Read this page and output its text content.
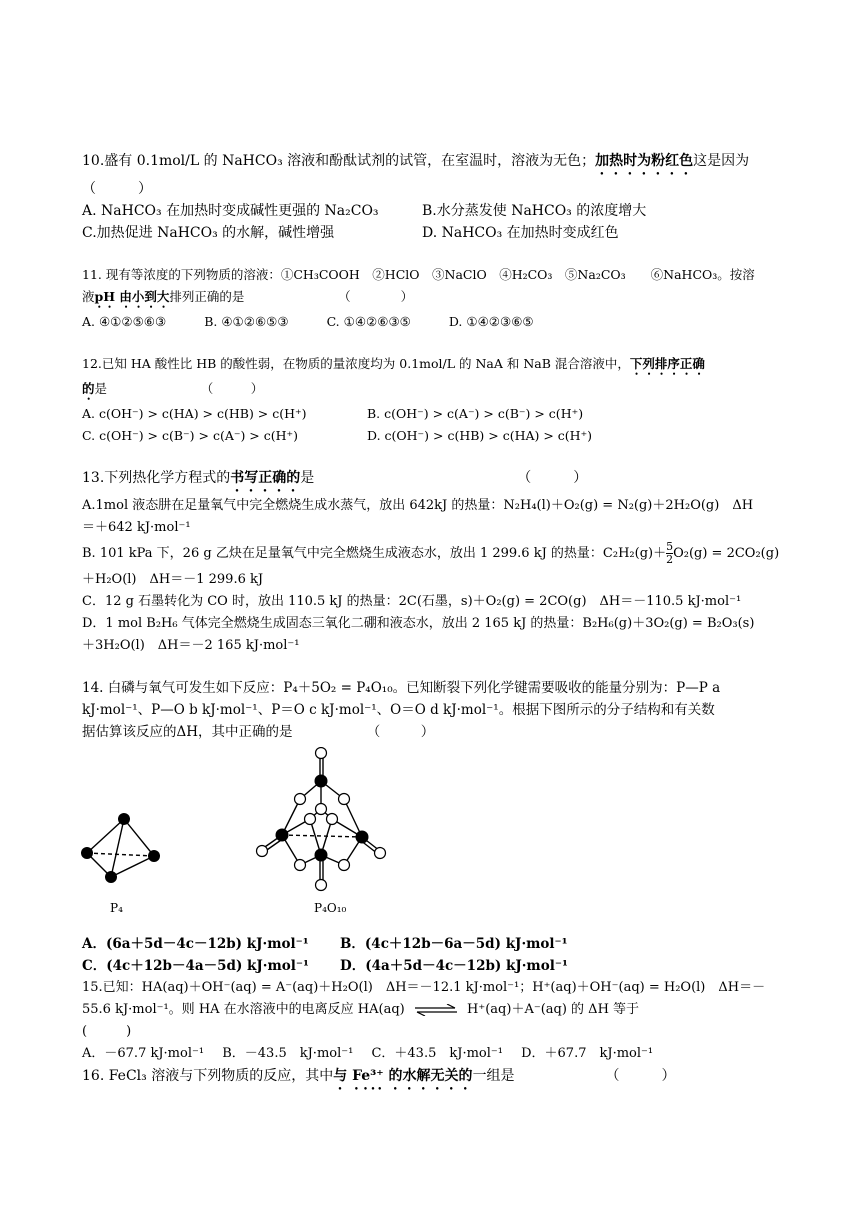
10.盛有 0.1mol/L 的 NaHCO₃ 溶液和酚酞试剂的试管，在室温时，溶液为无色；加热时为粉红色这是因为
（　　　）
A. NaHCO₃ 在加热时变成碱性更强的 Na₂CO₃	B.水分蒸发使 NaHCO₃ 的浓度增大
C.加热促进 NaHCO₃ 的水解，碱性增强	D. NaHCO₃ 在加热时变成红色
11. 现有等浓度的下列物质的溶液：①CH₃COOH　②HClO　③NaClO　④H₂CO₃　⑤Na₂CO₃　　⑥NaHCO₃。按溶
液pH 由小到大排列正确的是　　　　　　　　（　　　　）
A. ④①②⑤⑥③	B. ④①②⑥⑤③	C. ①④②⑥③⑤	D. ①④②③⑥⑤
12.已知 HA 酸性比 HB 的酸性弱，在物质的量浓度均为 0.1mol/L 的 NaA 和 NaB 混合溶液中，下列排序正确
的是　　　　　　　　（　　　）
A. c(OH⁻) > c(HA) > c(HB) > c(H⁺)	B. c(OH⁻) > c(A⁻) > c(B⁻) > c(H⁺)
C. c(OH⁻) > c(B⁻) > c(A⁻) > c(H⁺)	D. c(OH⁻) > c(HB) > c(HA) > c(H⁺)
13.下列热化学方程式的书写正确的是　　　　　　　　　　　　　　　（　　　）
A.1mol 液态肼在足量氧气中完全燃烧生成水蒸气，放出 642kJ 的热量：N₂H₄(l)＋O₂(g) = N₂(g)＋2H₂O(g)　ΔH
＝＋642 kJ·mol⁻¹
B. 101 kPa 下，26 g 乙炔在足量氧气中完全燃烧生成液态水，放出 1 299.6 kJ 的热量：$C_2H_2(g)+ \frac{5}{2} O_2(g) = 2CO_2(g)$
＋H₂O(l)　ΔH＝－1 299.6 kJ
C．12 g 石墨转化为 CO 时，放出 110.5 kJ 的热量：2C(石墨，s)＋O₂(g) = 2CO(g)　ΔH＝－110.5 kJ·mol⁻¹
D．1 mol B₂H₆ 气体完全燃烧生成固态三氧化二硼和液态水，放出 2 165 kJ 的热量：B₂H₆(g)＋3O₂(g) = B₂O₃(s)
＋3H₂O(l)　ΔH＝－2 165 kJ·mol⁻¹
14. 白磷与氧气可发生如下反应：P₄＋5O₂ = P₄O₁₀。已知断裂下列化学键需要吸收的能量分别为：P—P a
kJ·mol⁻¹、P—O b kJ·mol⁻¹、P＝O c kJ·mol⁻¹、O＝O d kJ·mol⁻¹。根据下图所示的分子结构和有关数
据估算该反应的ΔH，其中正确的是　　　　　　（　　　）
P₄	P₄O₁₀
A．(6a＋5d－4c－12b) kJ·mol⁻¹	B．(4c＋12b－6a－5d) kJ·mol⁻¹
C．(4c＋12b－4a－5d) kJ·mol⁻¹	D．(4a＋5d－4c－12b) kJ·mol⁻¹
15.已知：HA(aq)＋OH⁻(aq) = A⁻(aq)＋H₂O(l)　ΔH＝－12.1 kJ·mol⁻¹；H⁺(aq)＋OH⁻(aq) = H₂O(l)　ΔH＝－
55.6 kJ·mol⁻¹。则 HA 在水溶液中的电离反应 HA(aq) ⇌ H⁺(aq)＋A⁻(aq) 的 ΔH 等于
(　　　)
A．－67.7 kJ·mol⁻¹ B．－43.5　kJ·mol⁻¹ C．＋43.5　kJ·mol⁻¹ D．＋67.7　kJ·mol⁻¹
16. FeCl₃ 溶液与下列物质的反应，其中与 Fe³⁺ 的水解无关的一组是　　　　　　　（　　　）
